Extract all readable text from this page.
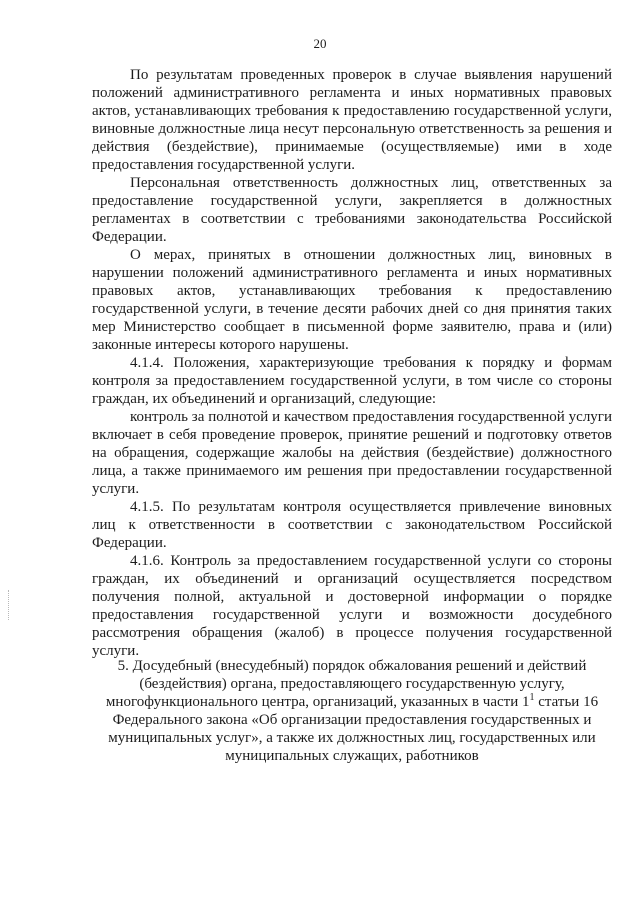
20

По результатам проведенных проверок в случае выявления нарушений положений административного регламента и иных нормативных правовых актов, устанавливающих требования к предоставлению государственной услуги, виновные должностные лица несут персональную ответственность за решения и действия (бездействие), принимаемые (осуществляемые) ими в ходе предоставления государственной услуги.

Персональная ответственность должностных лиц, ответственных за предоставление государственной услуги, закрепляется в должностных регламентах в соответствии с требованиями законодательства Российской Федерации.

О мерах, принятых в отношении должностных лиц, виновных в нарушении положений административного регламента и иных нормативных правовых актов, устанавливающих требования к предоставлению государственной услуги, в течение десяти рабочих дней со дня принятия таких мер Министерство сообщает в письменной форме заявителю, права и (или) законные интересы которого нарушены.

4.1.4. Положения, характеризующие требования к порядку и формам контроля за предоставлением государственной услуги, в том числе со стороны граждан, их объединений и организаций, следующие:

контроль за полнотой и качеством предоставления государственной услуги включает в себя проведение проверок, принятие решений и подготовку ответов на обращения, содержащие жалобы на действия (бездействие) должностного лица, а также принимаемого им решения при предоставлении государственной услуги.

4.1.5. По результатам контроля осуществляется привлечение виновных лиц к ответственности в соответствии с законодательством Российской Федерации.

4.1.6. Контроль за предоставлением государственной услуги со стороны граждан, их объединений и организаций осуществляется посредством получения полной, актуальной и достоверной информации о порядке предоставления государственной услуги и возможности досудебного рассмотрения обращения (жалоб) в процессе получения государственной услуги.

5. Досудебный (внесудебный) порядок обжалования решений и действий

(бездействия) органа, предоставляющего государственную услугу,

многофункционального центра, организаций, указанных в части $1^1$ статьи 16

Федерального закона «Об организации предоставления государственных и

муниципальных услуг», а также их должностных лиц, государственных или

муниципальных служащих, работников
